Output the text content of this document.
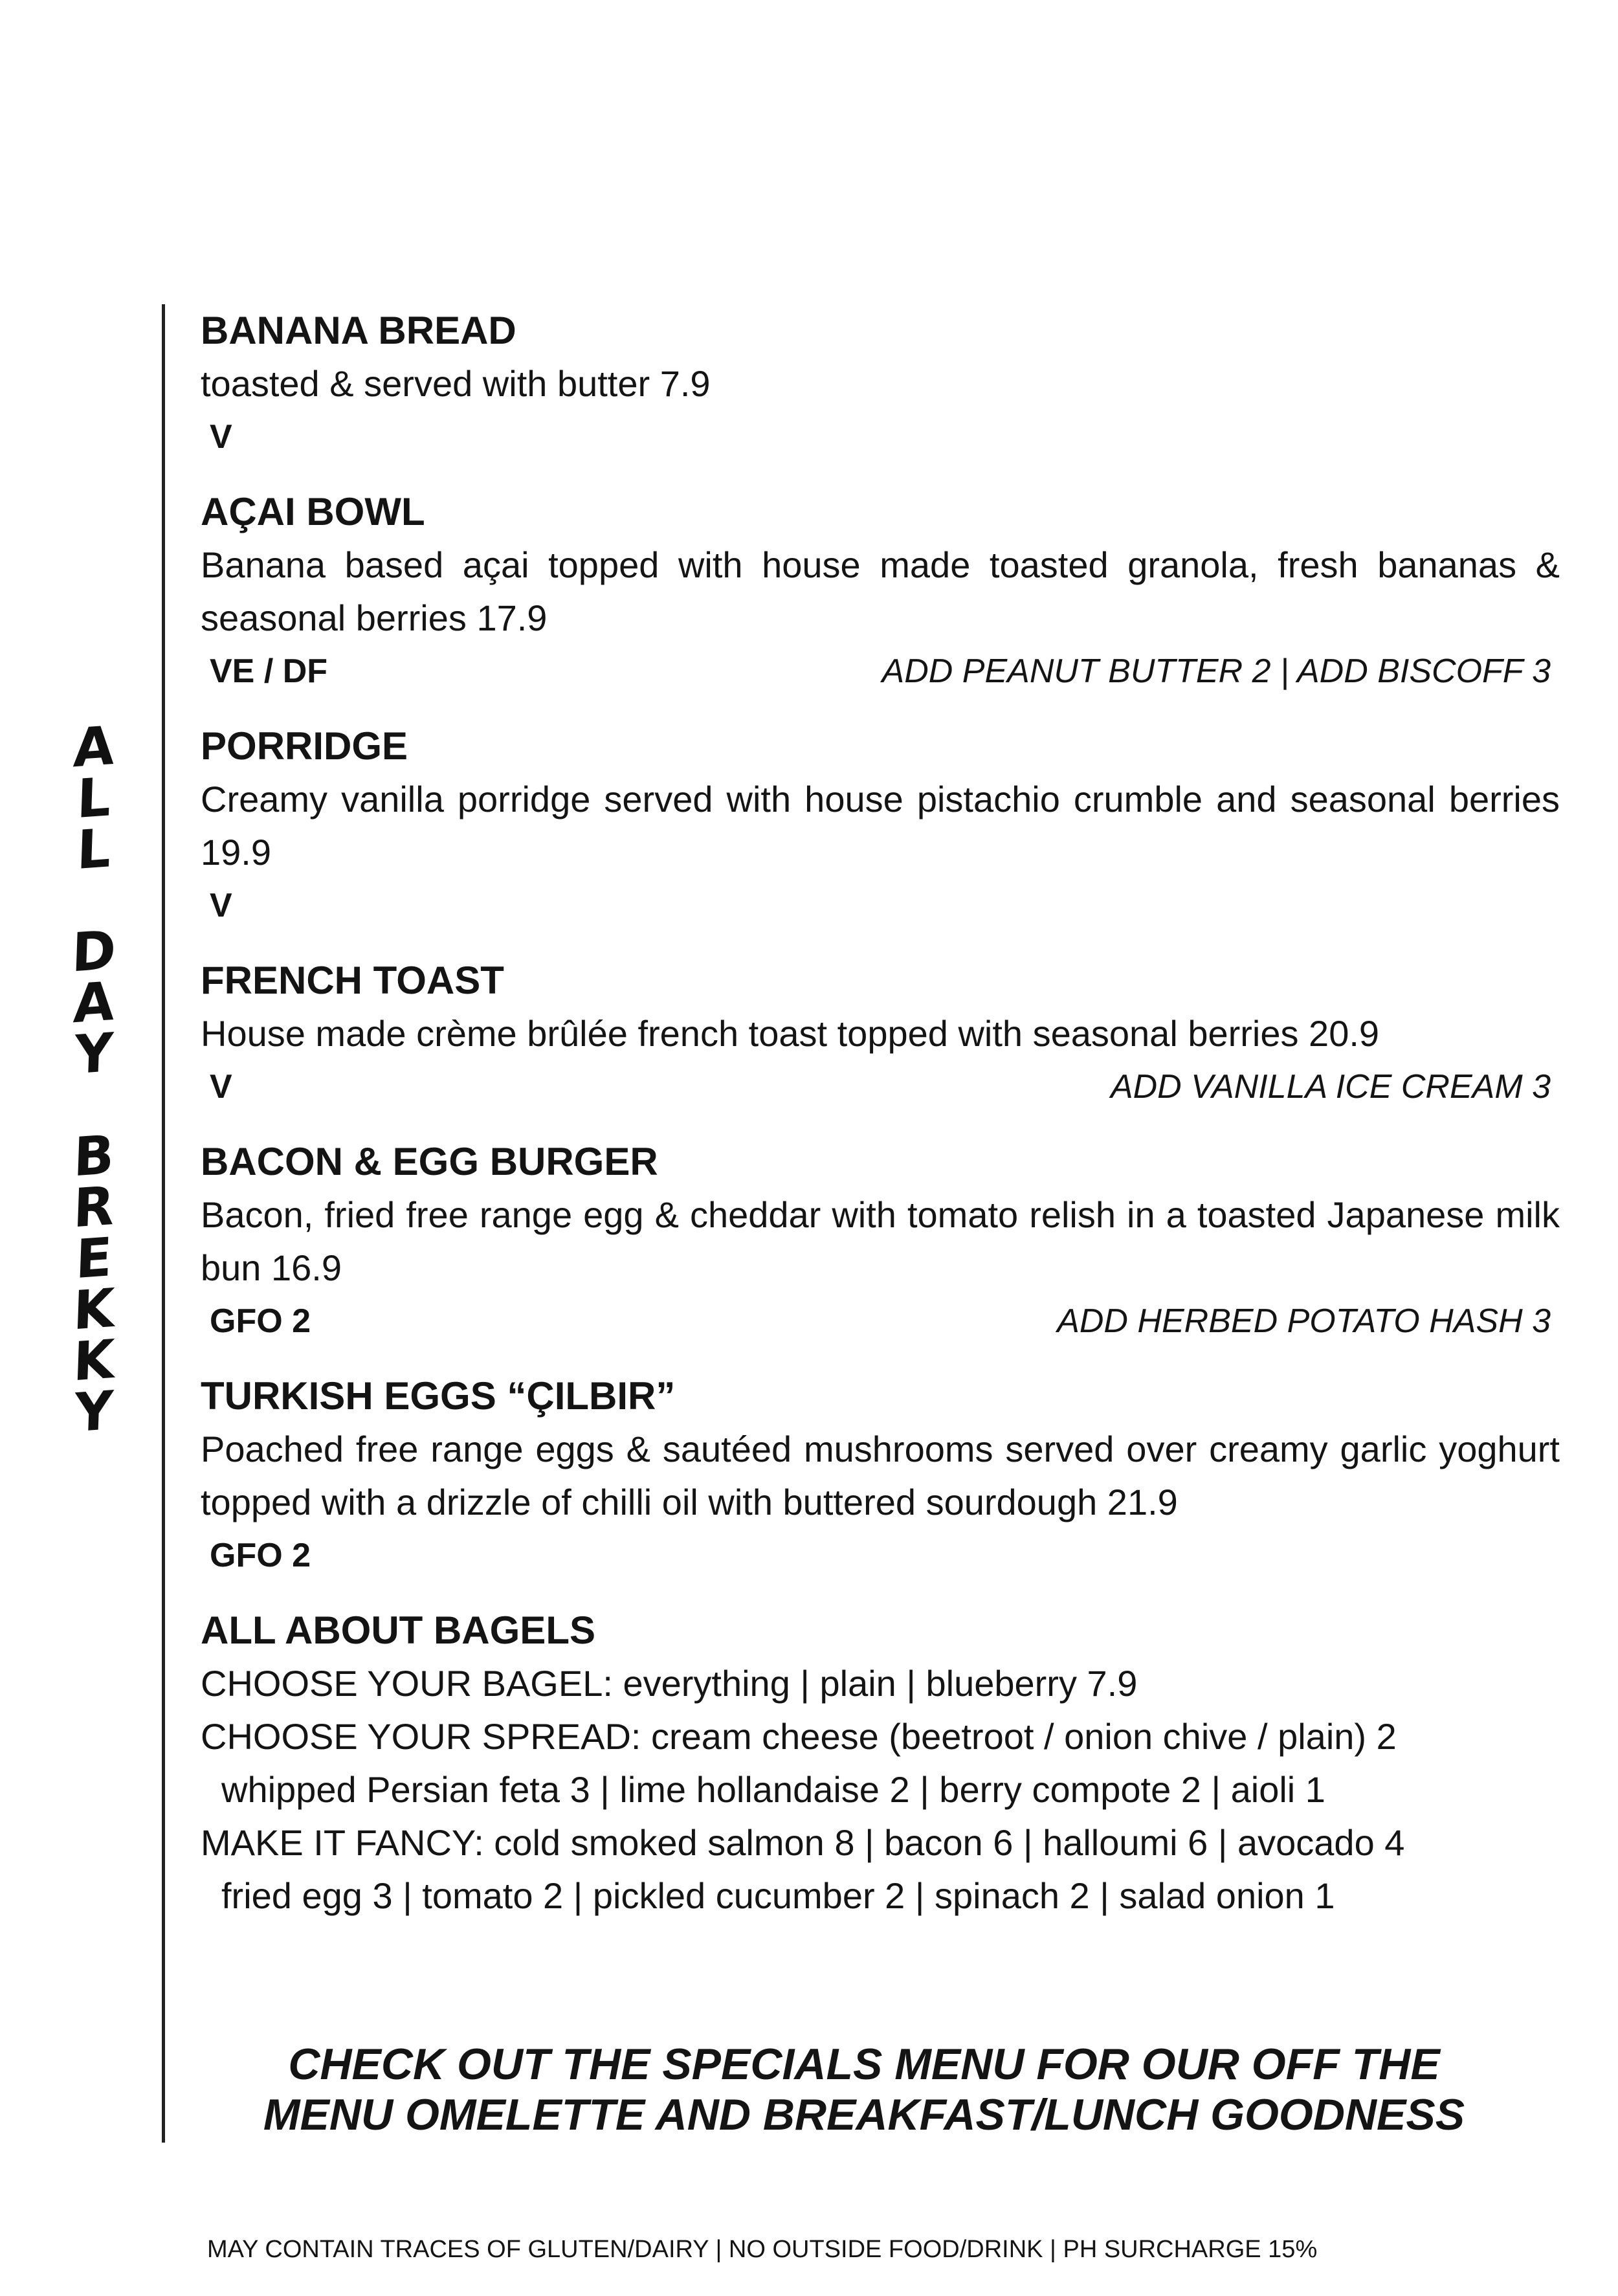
A
L
L
D
A
Y
B
R
E
K
K
Y

BANANA BREAD

toasted & served with butter 7.9

V

AÇAI BOWL

Banana based açai topped with house made toasted granola, fresh bananas & seasonal berries 17.9

VE / DF	ADD PEANUT BUTTER 2 | ADD BISCOFF 3

PORRIDGE

Creamy vanilla porridge served with house pistachio crumble and seasonal berries 19.9

V

FRENCH TOAST

House made crème brûlée french toast topped with seasonal berries 20.9

V	ADD VANILLA ICE CREAM 3

BACON & EGG BURGER

Bacon, fried free range egg & cheddar with tomato relish in a toasted Japanese milk bun 16.9

GFO 2	ADD HERBED POTATO HASH 3

TURKISH EGGS “ÇILBIR”

Poached free range eggs & sautéed mushrooms served over creamy garlic yoghurt topped with a drizzle of chilli oil with buttered sourdough 21.9

GFO 2

ALL ABOUT BAGELS

CHOOSE YOUR BAGEL: everything | plain | blueberry 7.9

CHOOSE YOUR SPREAD: cream cheese (beetroot / onion chive / plain) 2

whipped Persian feta 3 | lime hollandaise 2 | berry compote 2 | aioli 1

MAKE IT FANCY: cold smoked salmon 8 | bacon 6 | halloumi 6 | avocado 4

fried egg 3 | tomato 2 | pickled cucumber 2 | spinach 2 | salad onion 1

CHECK OUT THE SPECIALS MENU FOR OUR OFF THE
MENU OMELETTE AND BREAKFAST/LUNCH GOODNESS
MAY CONTAIN TRACES OF GLUTEN/DAIRY | NO OUTSIDE FOOD/DRINK | PH SURCHARGE 15%
